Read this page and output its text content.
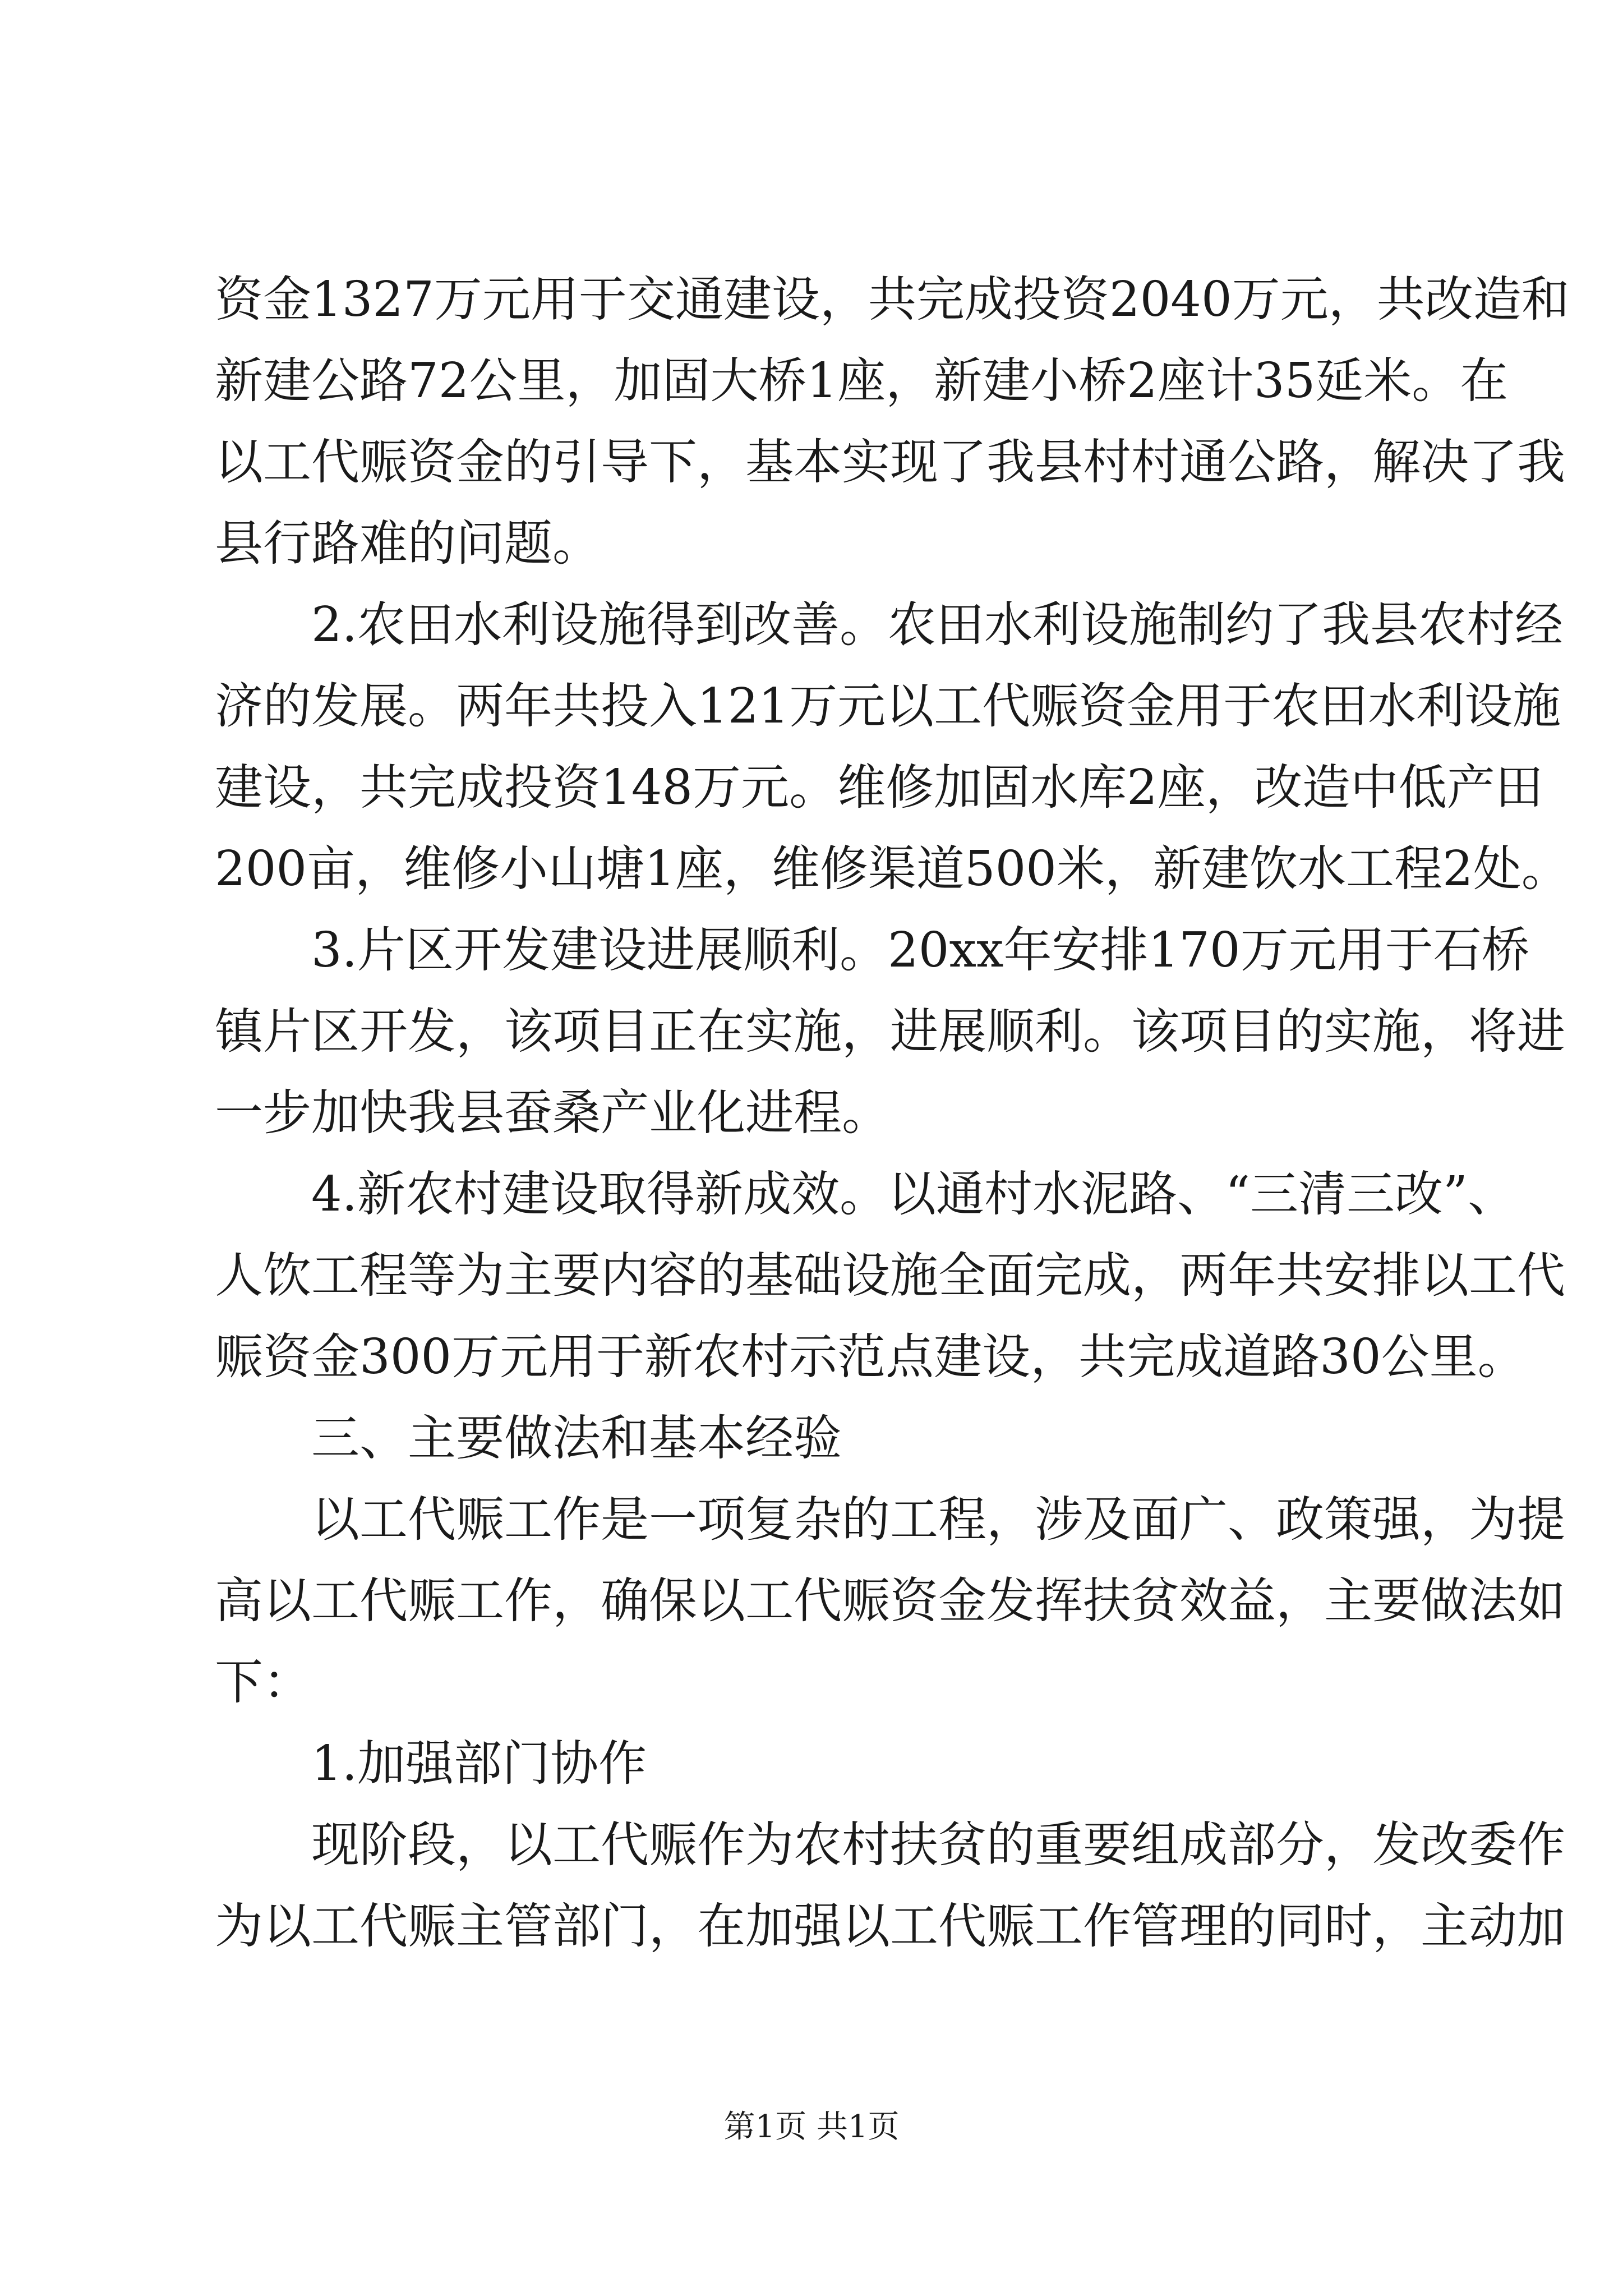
资金1327万元用于交通建设，共完成投资2040万元，共改造和
新建公路72公里，加固大桥1座，新建小桥2座计35延米。在
以工代赈资金的引导下，基本实现了我县村村通公路，解决了我
县行路难的问题。
2.农田水利设施得到改善。农田水利设施制约了我县农村经
济的发展。两年共投入121万元以工代赈资金用于农田水利设施
建设，共完成投资148万元。维修加固水库2座，改造中低产田
200亩，维修小山塘1座，维修渠道500米，新建饮水工程2处。
3.片区开发建设进展顺利。20xx年安排170万元用于石桥
镇片区开发，该项目正在实施，进展顺利。该项目的实施，将进
一步加快我县蚕桑产业化进程。
4.新农村建设取得新成效。以通村水泥路、“三清三改”、
人饮工程等为主要内容的基础设施全面完成，两年共安排以工代
赈资金300万元用于新农村示范点建设，共完成道路30公里。
三、主要做法和基本经验
以工代赈工作是一项复杂的工程，涉及面广、政策强，为提
高以工代赈工作，确保以工代赈资金发挥扶贫效益，主要做法如
下：
1.加强部门协作
现阶段，以工代赈作为农村扶贫的重要组成部分，发改委作
为以工代赈主管部门，在加强以工代赈工作管理的同时，主动加
第1页 共1页
